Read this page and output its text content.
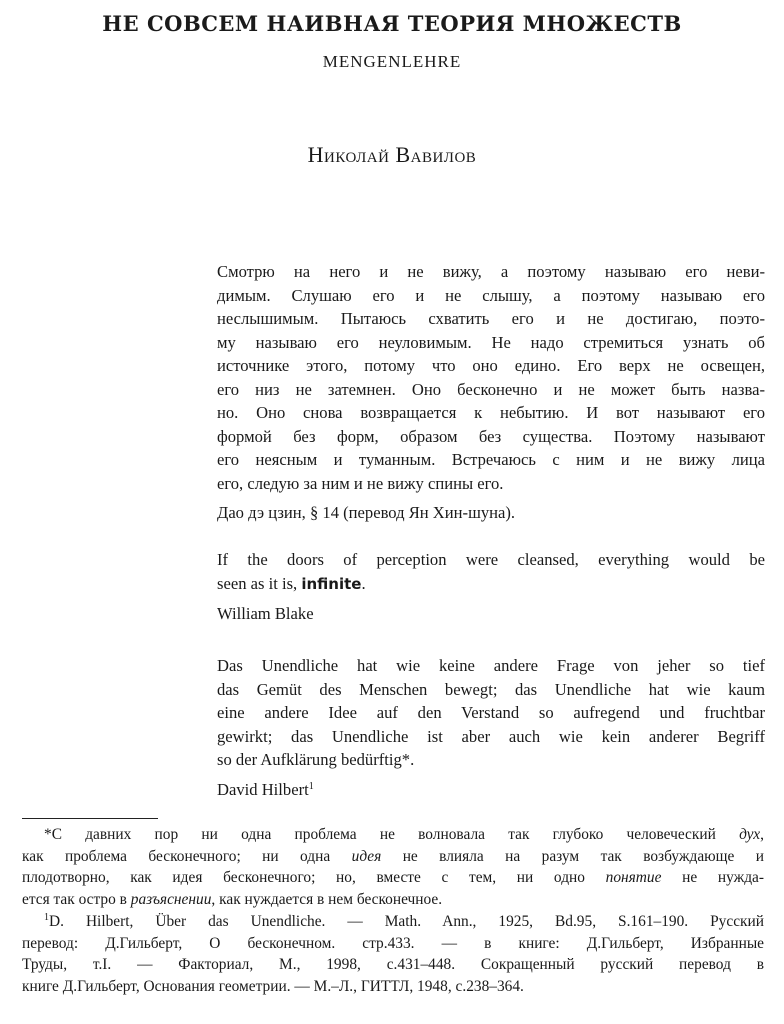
НЕ СОВСЕМ НАИВНАЯ ТЕОРИЯ МНОЖЕСТВ
MENGENLEHRE
Николай Вавилов
Смотрю на него и не вижу, а поэтому называю его неви-
димым. Слушаю его и не слышу, а поэтому называю его
неслышимым. Пытаюсь схватить его и не достигаю, поэто-
му называю его неуловимым. Не надо стремиться узнать об
источнике этого, потому что оно едино. Его верх не освещен,
его низ не затемнен. Оно бесконечно и не может быть назва-
но. Оно снова возвращается к небытию. И вот называют его
формой без форм, образом без существа. Поэтому называют
его неясным и туманным. Встречаюсь с ним и не вижу лица
его, следую за ним и не вижу спины его.
Дао дэ цзин, § 14 (перевод Ян Хин-шуна).
If the doors of perception were cleansed, everything would be
seen as it is, infinite.
William Blake
Das Unendliche hat wie keine andere Frage von jeher so tief
das Gemüt des Menschen bewegt; das Unendliche hat wie kaum
eine andere Idee auf den Verstand so aufregend und fruchtbar
gewirkt; das Unendliche ist aber auch wie kein anderer Begriff
so der Aufklärung bedürftig*.
David Hilbert$^1$
*С давних пор ни одна проблема не волновала так глубоко человеческий дух,
как проблема бесконечного; ни одна идея не влияла на разум так возбуждающе и
плодотворно, как идея бесконечного; но, вместе с тем, ни одно понятие не нужда-
ется так остро в разъяснении, как нуждается в нем бесконечное.
$^1$D. Hilbert, Über das Unendliche. — Math. Ann., 1925, Bd.95, S.161–190. Русский
перевод: Д.Гильберт, О бесконечном. стр.433. — в книге: Д.Гильберт, Избранные
Труды, т.I. — Факториал, М., 1998, с.431–448. Сокращенный русский перевод в
книге Д.Гильберт, Основания геометрии. — М.–Л., ГИТТЛ, 1948, с.238–364.
